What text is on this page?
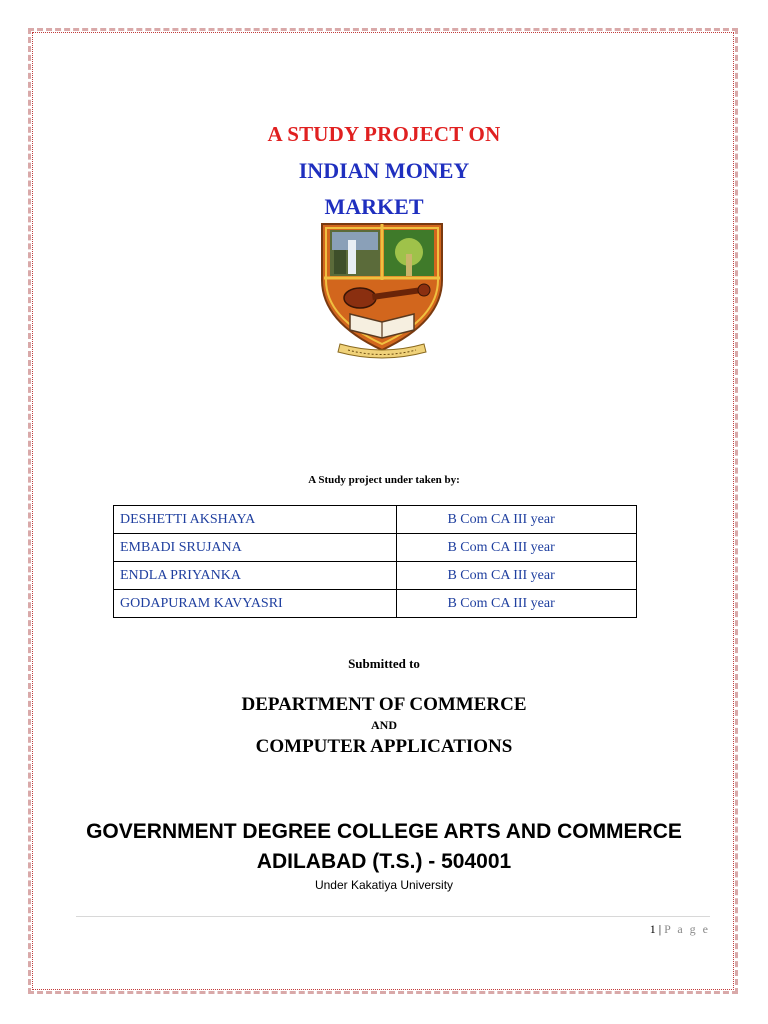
A STUDY PROJECT ON
INDIAN MONEY
MARKET
A Study project under taken by:
DESHETTI AKSHAYA	B Com CA III year
EMBADI SRUJANA	B Com CA III year
ENDLA PRIYANKA	B Com CA III year
GODAPURAM KAVYASRI	B Com CA III year
Submitted to
DEPARTMENT OF COMMERCE
AND
COMPUTER APPLICATIONS
GOVERNMENT DEGREE COLLEGE ARTS AND COMMERCE
ADILABAD (T.S.) - 504001
Under Kakatiya University
1 | P a g e
